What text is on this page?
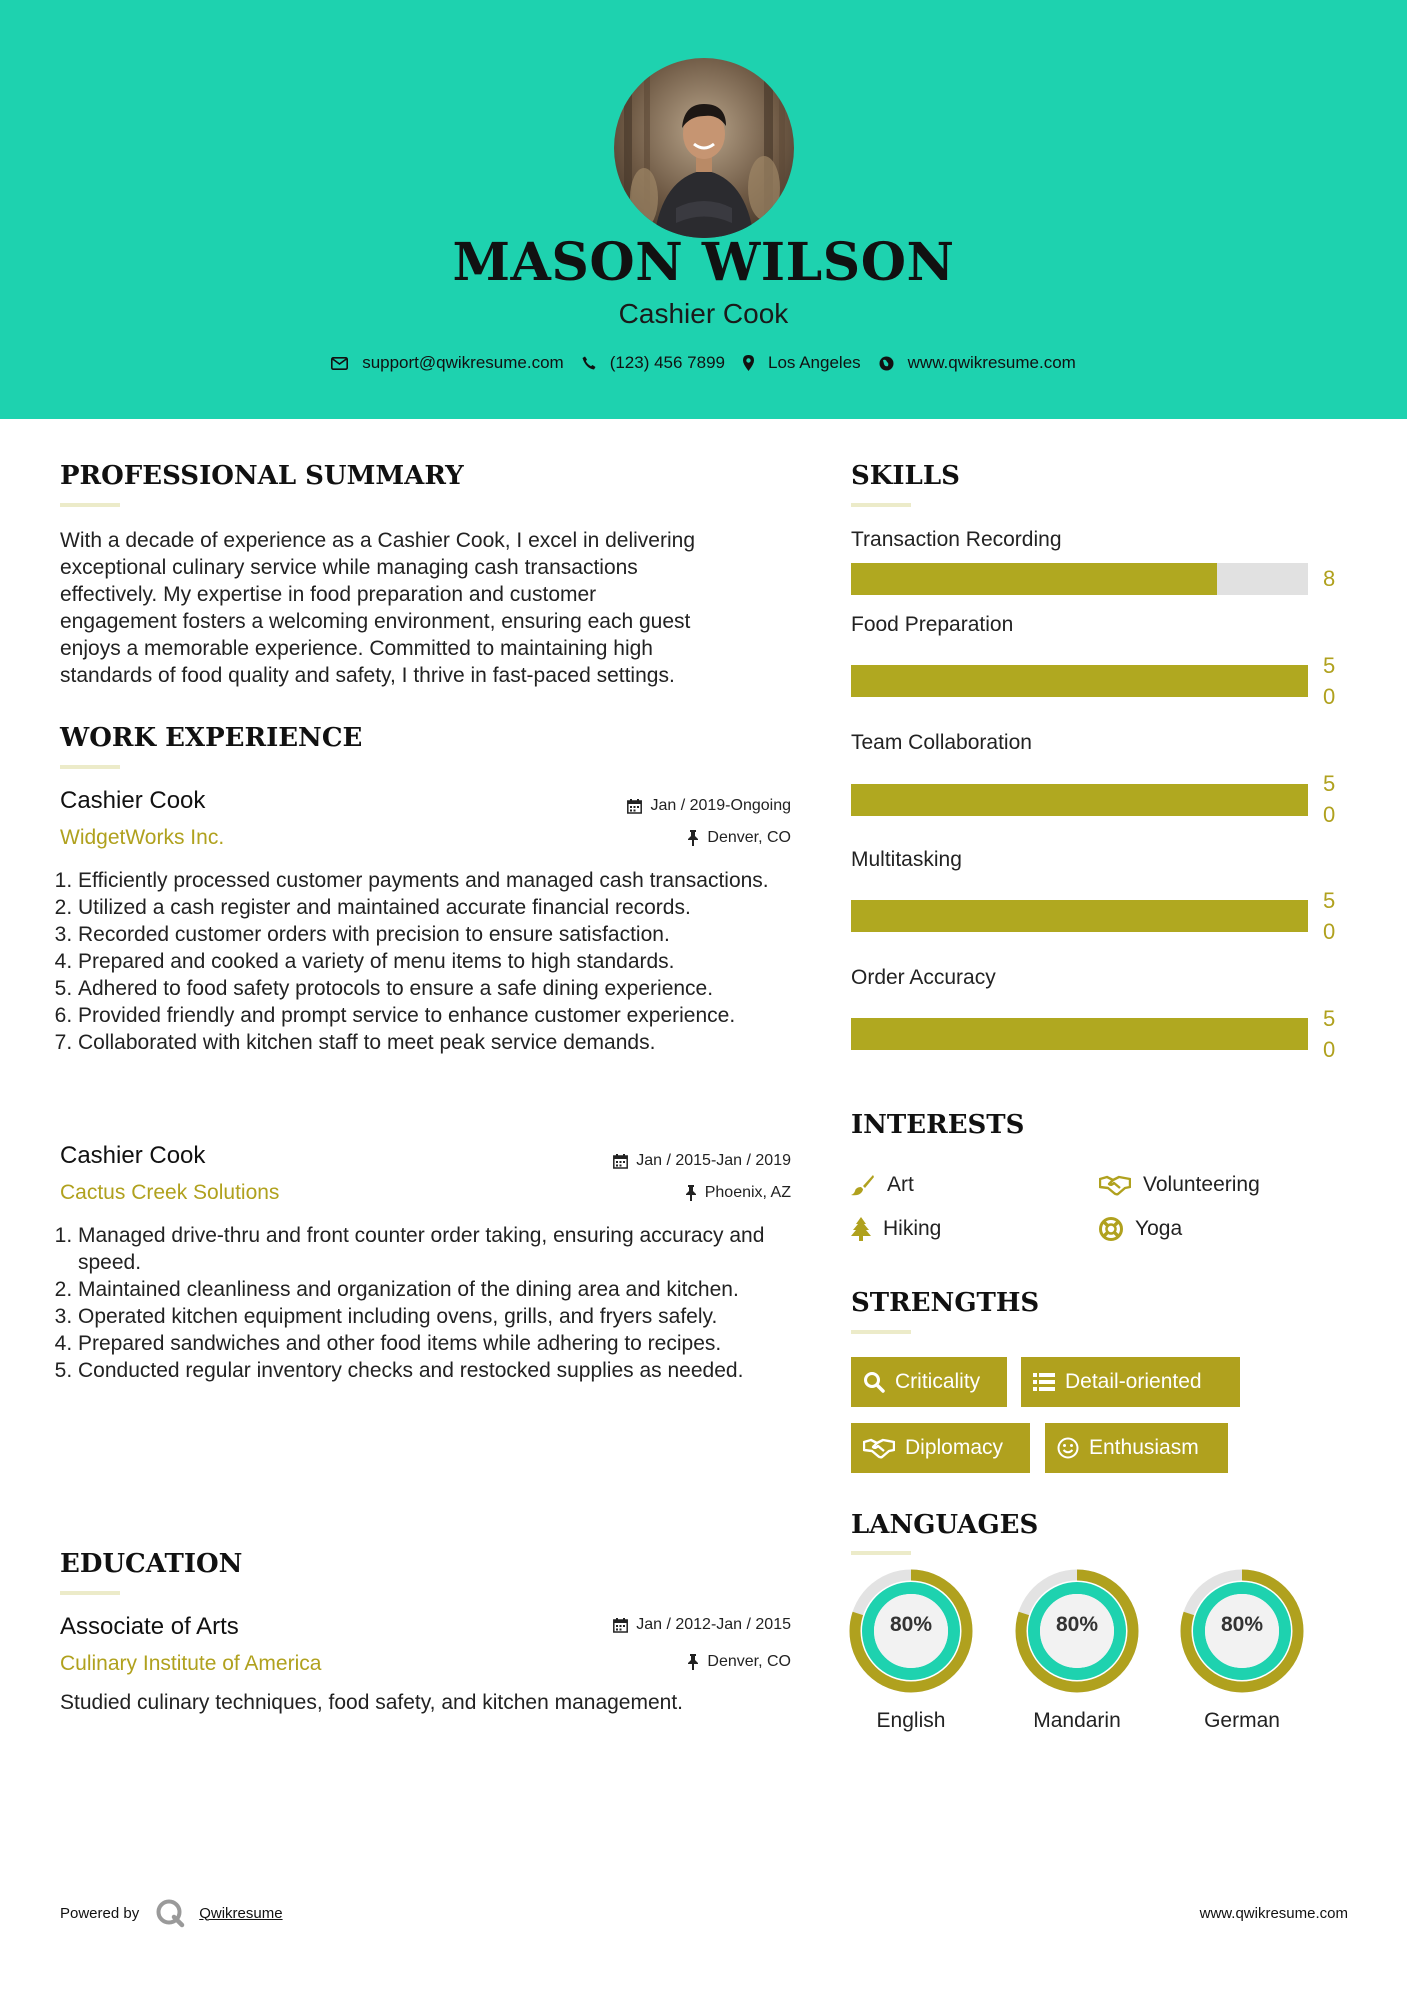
MASON WILSON
Cashier Cook
support@qwikresume.com	(123) 456 7899	Los Angeles	www.qwikresume.com
PROFESSIONAL SUMMARY
With a decade of experience as a Cashier Cook, I excel in delivering
exceptional culinary service while managing cash transactions
effectively. My expertise in food preparation and customer
engagement fosters a welcoming environment, ensuring each guest
enjoys a memorable experience. Committed to maintaining high
standards of food quality and safety, I thrive in fast-paced settings.
WORK EXPERIENCE
Cashier Cook	Jan / 2019-Ongoing
WidgetWorks Inc.	Denver, CO
1. Efficiently processed customer payments and managed cash transactions.
2. Utilized a cash register and maintained accurate financial records.
3. Recorded customer orders with precision to ensure satisfaction.
4. Prepared and cooked a variety of menu items to high standards.
5. Adhered to food safety protocols to ensure a safe dining experience.
6. Provided friendly and prompt service to enhance customer experience.
7. Collaborated with kitchen staff to meet peak service demands.
Cashier Cook	Jan / 2015-Jan / 2019
Cactus Creek Solutions	Phoenix, AZ
1. Managed drive-thru and front counter order taking, ensuring accuracy and speed.
2. Maintained cleanliness and organization of the dining area and kitchen.
3. Operated kitchen equipment including ovens, grills, and fryers safely.
4. Prepared sandwiches and other food items while adhering to recipes.
5. Conducted regular inventory checks and restocked supplies as needed.
EDUCATION
Associate of Arts	Jan / 2012-Jan / 2015
Culinary Institute of America	Denver, CO
Studied culinary techniques, food safety, and kitchen management.
SKILLS
Transaction Recording
8
Food Preparation
50
Team Collaboration
50
Multitasking
50
Order Accuracy
50
INTERESTS
Art	Volunteering
Hiking	Yoga
STRENGTHS
Criticality	Detail-oriented
Diplomacy	Enthusiasm
LANGUAGES
80%
English
80%
Mandarin
80%
German
Powered by	Qwikresume	www.qwikresume.com
